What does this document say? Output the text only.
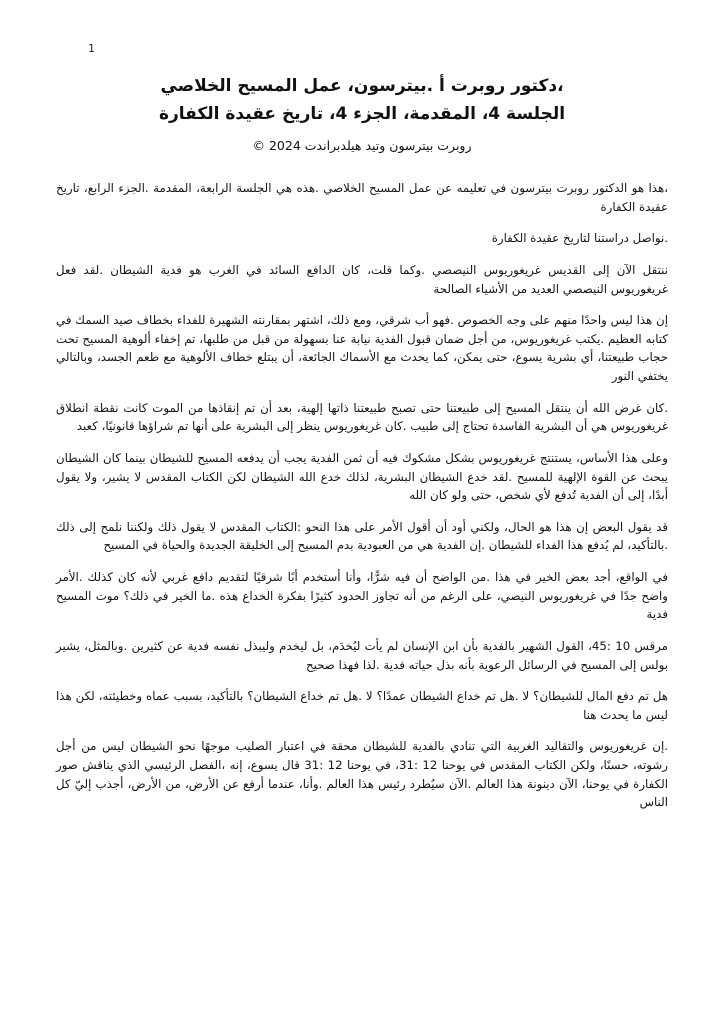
1
،دكتور روبرت أ .بيترسون، عمل المسيح الخلاصي
الجلسة 4، المقدمة، الجزء 4، تاريخ عقيدة الكفارة
روبرت بيترسون وتيد هيلدبراندت 2024 ©

،هذا هو الدكتور روبرت بيترسون في تعليمه عن عمل المسيح الخلاصي .هذه هي الجلسة الرابعة، المقدمة .الجزء الرابع، تاريخ عقيدة الكفارة

.نواصل دراستنا لتاريخ عقيدة الكفارة

ننتقل الآن إلى القديس غريغوريوس النيصصي .وكما قلت، كان الدافع السائد في الغرب هو فدية الشيطان .لقد فعل غريغوريوس النيصصي العديد من الأشياء الصالحة

إن هذا ليس واحدًا منهم على وجه الخصوص .فهو أب شرقي، ومع ذلك، اشتهر بمقارنته الشهيرة للفداء بخطاف صيد السمك في كتابه العظيم .يكتب غريغوريوس، من أجل ضمان قبول الفدية نيابة عنا بسهولة من قبل من طلبها، تم إخفاء ألوهية المسيح تحت حجاب طبيعتنا، أي بشرية يسوع، حتى يمكن، كما يحدث مع الأسماك الجائعة، أن يبتلع خطاف الألوهية مع طعم الجسد، وبالتالي يختفي النور

.كان غرض الله أن ينتقل المسيح إلى طبيعتنا حتى تصبح طبيعتنا ذاتها إلهية، بعد أن تم إنقاذها من الموت كانت نقطة انطلاق غريغوريوس هي أن البشرية الفاسدة تحتاج إلى طبيب .كان غريغوريوس ينظر إلى البشرية على أنها تم شراؤها قانونيًا، كعبد

وعلى هذا الأساس، يستنتج غريغوريوس بشكل مشكوك فيه أن ثمن الفدية يجب أن يدفعه المسيح للشيطان بينما كان الشيطان يبحث عن القوة الإلهية للمسيح .لقد خدع الشيطان البشرية، لذلك خدع الله الشيطان لكن الكتاب المقدس لا يشير، ولا يقول أبدًا، إلى أن الفدية تُدفع لأي شخص، حتى ولو كان الله

قد يقول البعض إن هذا هو الحال، ولكني أود أن أقول الأمر على هذا النحو :الكتاب المقدس لا يقول ذلك ولكننا نلمح إلى ذلك .بالتأكيد، لم يُدفع هذا الفداء للشيطان .إن الفدية هي من العبودية بدم المسيح إلى الخليقة الجديدة والحياة في المسيح

في الواقع، أجد بعض الخير في هذا .من الواضح أن فيه شرًّا، وأنا أستخدم أبًا شرقيًا لتقديم دافع غربي لأنه كان كذلك .الأمر واضح جدًا في غريغوريوس النيصي، على الرغم من أنه تجاوز الحدود كثيرًا بفكرة الخداع هذه .ما الخير في ذلك؟ موت المسيح فدية

مرقس 10 :45، القول الشهير بالفدية بأن ابن الإنسان لم يأت ليُخدَم، بل ليخدم وليبذل نفسه فدية عن كثيرين .وبالمثل، يشير بولس إلى المسيح في الرسائل الرعوية بأنه بذل حياته فدية .لذا فهذا صحيح

هل تم دفع المال للشيطان؟ لا .هل تم خداع الشيطان عمدًا؟ لا .هل تم خداع الشيطان؟ بالتأكيد، بسبب عماه وخطيئته، لكن هذا ليس ما يحدث هنا

.إن غريغوريوس والتقاليد الغربية التي تنادي بالفدية للشيطان محقة في اعتبار الصليب موجهًا نحو الشيطان ليس من أجل رشوته، حسنًا، ولكن الكتاب المقدس في يوحنا 12 :31، في يوحنا 12 :31 قال يسوع، إنه ،الفصل الرئيسي الذي يناقش صور الكفارة في يوحنا، الآن دينونة هذا العالم .الآن سيُطرد رئيس هذا العالم .وأنا، عندما أرفع عن الأرض، من الأرض، أجذب إليّ كل الناس
